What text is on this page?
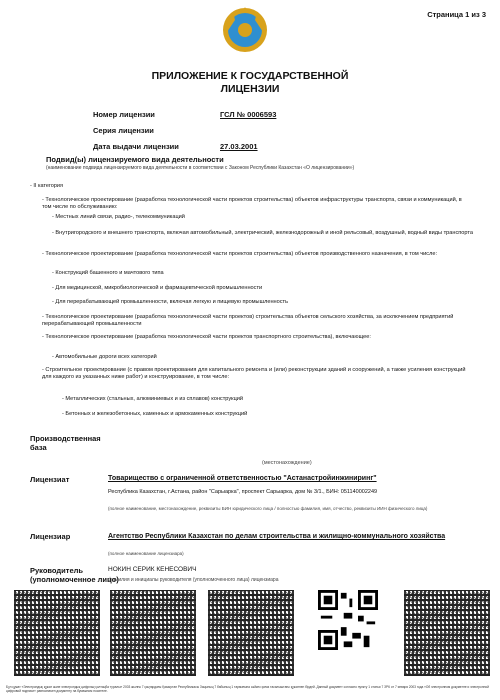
Страница 1 из 3
ПРИЛОЖЕНИЕ К ГОСУДАРСТВЕННОЙ
ЛИЦЕНЗИИ
Номер лицензии	ГСЛ № 0006593
Серия лицензии
Дата выдачи лицензии	27.03.2001
Подвид(ы) лицензируемого вида деятельности
(наименование подвида лицензируемого вида деятельности в соответствии с Законом Республики Казахстан «О лицензировании»)
- II категория
- Технологическое проектирование (разработка технологической части проектов строительства) объектов инфраструктуры транспорта, связи и коммуникаций, в том числе по обслуживанию:
- Местных линий связи, радио-, телекоммуникаций
- Внутригородского и внешнего транспорта, включая автомобильный, электрический, железнодорожный и иной рельсовый, воздушный, водный виды транспорта
- Технологическое проектирование (разработка технологической части проектов строительства) объектов производственного назначения, в том числе:
- Конструкций башенного и мачтового типа
- Для медицинской, микробиологической и фармацевтической промышленности
- Для перерабатывающей промышленности, включая легкую и пищевую промышленность
- Технологическое проектирование (разработка технологической части проектов) строительства объектов сельского хозяйства, за исключением предприятий перерабатывающей промышленности
- Технологическое проектирование (разработка технологической части проектов транспортного строительства), включающее:
- Автомобильные дороги всех категорий
- Строительное проектирование (с правом проектирования для капитального ремонта и (или) реконструкции зданий и сооружений, а также усиления конструкций для каждого из указанных ниже работ) и конструирование, в том числе:
- Металлических (стальных, алюминиевых и из сплавов) конструкций
- Бетонных и железобетонных, каменных и армокаменных конструкций
Производственная база
(местонахождение)
Лицензиат	Товарищество с ограниченной ответственностью "Астанастройинжиниринг"
Республика Казахстан, г.Астана, район "Сарыарка", проспект Сарыарка, дом № 3/1., БИН: 051140002249
(полное наименование, местонахождение, реквизиты БИН юридического лица / полностью фамилия, имя, отчество, реквизиты ИИН физического лица)
Лицензиар	Агентство Республики Казахстан по делам строительства и жилищно-коммунального хозяйства
(полное наименование лицензиара)
Руководитель
(уполномоченное лицо)
НОКИН СЕРИК КЕНЕСОВИЧ
фамилия и инициалы руководителя (уполномоченного лица) лицензиара
Бұл құжат «Электрондық құжат және электрондық цифрлық қолтаңба туралы» 2003 жылғы 7 қаңтардағы Қазақстан Республикасы Заңының 7 бабының 1 тармағына сәйкес қағаз тасығыштағы құжатпен бірдей. Данный документ согласно пункту 1 статьи 7 ЗРК от 7 января 2003 года «Об электронном документе и электронной цифровой подписи» равнозначен документу на бумажном носителе.
